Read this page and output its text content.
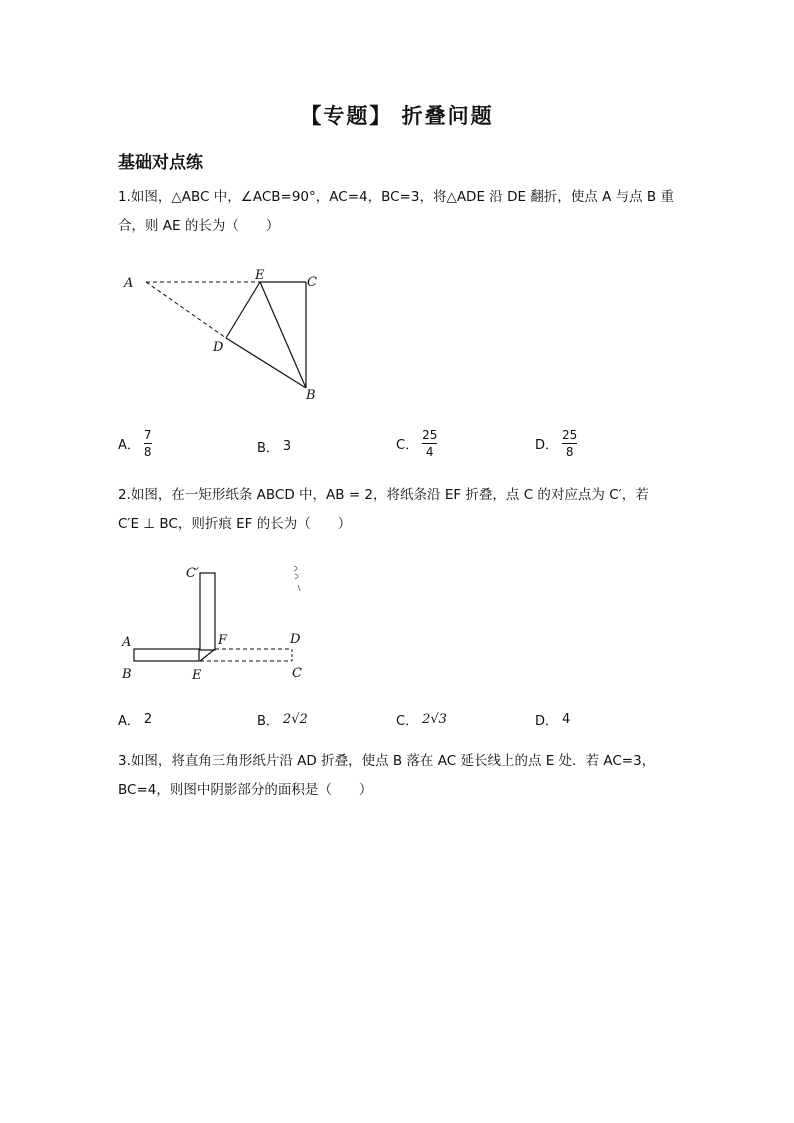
【专题】 折叠问题
基础对点练
1.如图，△ABC 中，∠ACB=90°，AC=4，BC=3，将△ADE 沿 DE 翻折，使点 A 与点 B 重
合，则 AE 的长为（　　）
A
E	C
D
B
A． $\frac{7}{8}$	B． 3	C． $\frac{25}{4}$	D． $\frac{25}{8}$
2.如图，在一矩形纸条 ABCD 中，AB = 2，将纸条沿 EF 折叠，点 C 的对应点为 C′，若
C′E ⊥ BC，则折痕 EF 的长为（　　）
C′
A	F	D
B	E	C
A． 2	B． 2√2	C． 2√3	D． 4
3.如图，将直角三角形纸片沿 AD 折叠，使点 B 落在 AC 延长线上的点 E 处．若 AC=3，
BC=4，则图中阴影部分的面积是（　　）
